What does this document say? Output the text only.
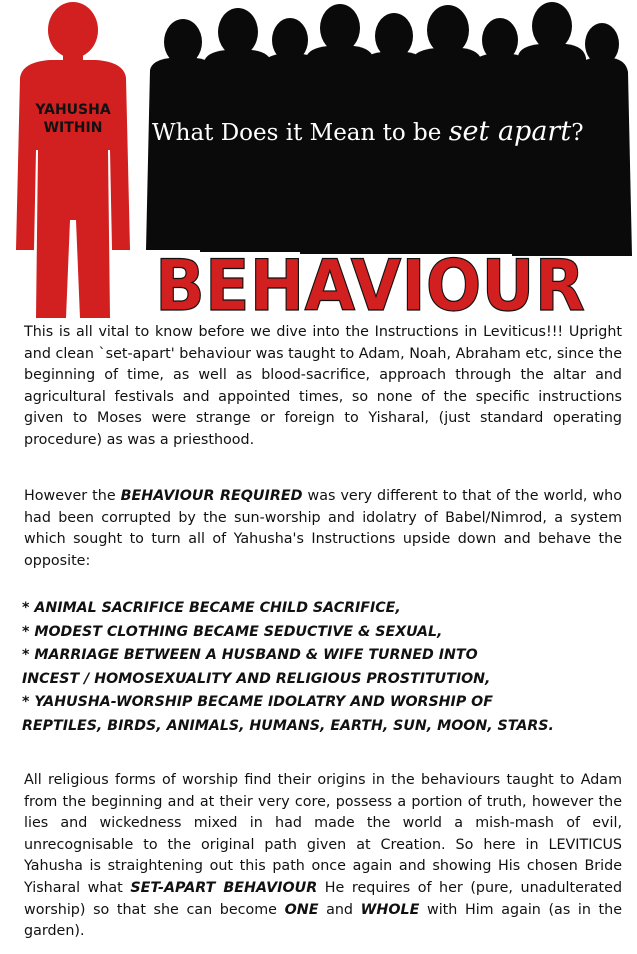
YAHUSHA
WITHIN What Does it Mean to be set apart?
BEHAVIOUR

This is all vital to know before we dive into the Instructions in Leviticus!!! Upright and clean `set-apart' behaviour was taught to Adam, Noah, Abraham etc, since the beginning of time, as well as blood-sacrifice, approach through the altar and agricultural festivals and appointed times, so none of the specific instructions given to Moses were strange or foreign to Yisharal, (just standard operating procedure) as was a priesthood.

However the BEHAVIOUR REQUIRED was very different to that of the world, who had been corrupted by the sun-worship and idolatry of Babel/Nimrod, a system which sought to turn all of Yahusha's Instructions upside down and behave the opposite:

* ANIMAL SACRIFICE BECAME CHILD SACRIFICE,
* MODEST CLOTHING BECAME SEDUCTIVE & SEXUAL,
* MARRIAGE BETWEEN A HUSBAND & WIFE TURNED INTO
INCEST / HOMOSEXUALITY AND RELIGIOUS PROSTITUTION,
* YAHUSHA-WORSHIP BECAME IDOLATRY AND WORSHIP OF
REPTILES, BIRDS, ANIMALS, HUMANS, EARTH, SUN, MOON, STARS.

All religious forms of worship find their origins in the behaviours taught to Adam from the beginning and at their very core, possess a portion of truth, however the lies and wickedness mixed in had made the world a mish-mash of evil, unrecognisable to the original path given at Creation. So here in LEVITICUS Yahusha is straightening out this path once again and showing His chosen Bride Yisharal what SET-APART BEHAVIOUR He requires of her (pure, unadulterated worship) so that she can become ONE and WHOLE with Him again (as in the garden).
